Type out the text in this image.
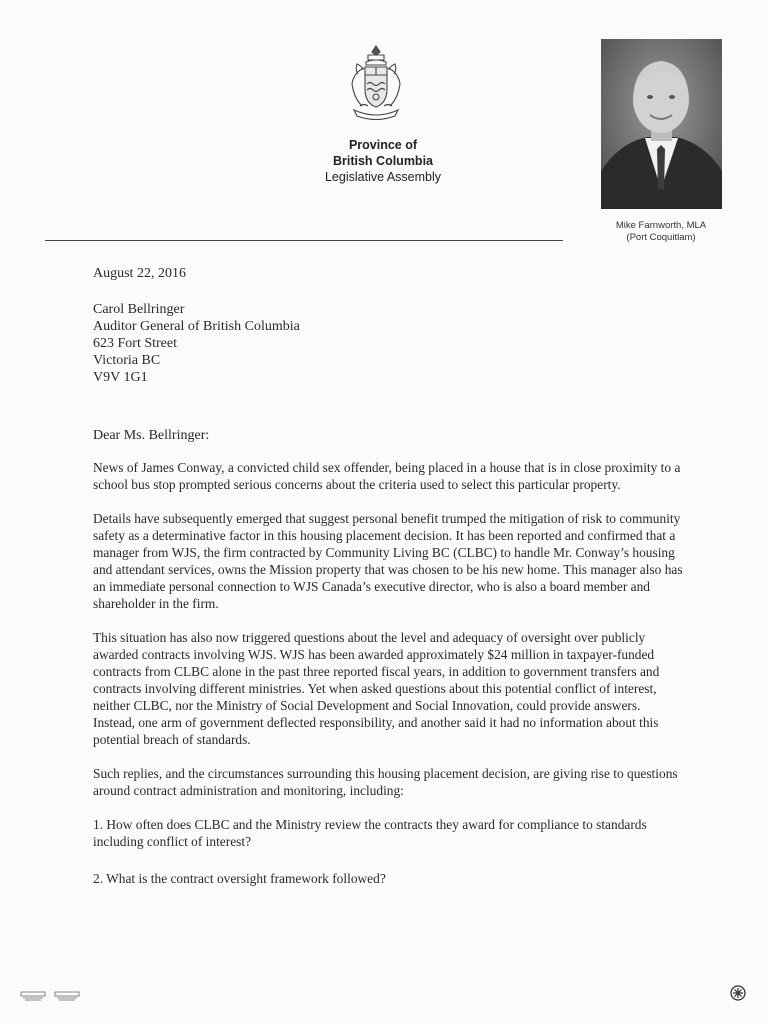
Province of
British Columbia
Legislative Assembly
Mike Farnworth, MLA
(Port Coquitlam)
August 22, 2016
Carol Bellringer
Auditor General of British Columbia
623 Fort Street
Victoria BC
V9V 1G1
Dear Ms. Bellringer:

News of James Conway, a convicted child sex offender, being placed in a house that is in close proximity to a school bus stop prompted serious concerns about the criteria used to select this particular property.

Details have subsequently emerged that suggest personal benefit trumped the mitigation of risk to community safety as a determinative factor in this housing placement decision. It has been reported and confirmed that a manager from WJS, the firm contracted by Community Living BC (CLBC) to handle Mr. Conway’s housing and attendant services, owns the Mission property that was chosen to be his new home. This manager also has an immediate personal connection to WJS Canada’s executive director, who is also a board member and shareholder in the firm.

This situation has also now triggered questions about the level and adequacy of oversight over publicly awarded contracts involving WJS. WJS has been awarded approximately $24 million in taxpayer-funded contracts from CLBC alone in the past three reported fiscal years, in addition to government transfers and contracts involving different ministries. Yet when asked questions about this potential conflict of interest, neither CLBC, nor the Ministry of Social Development and Social Innovation, could provide answers. Instead, one arm of government deflected responsibility, and another said it had no information about this potential breach of standards.

Such replies, and the circumstances surrounding this housing placement decision, are giving rise to questions around contract administration and monitoring, including:

1. How often does CLBC and the Ministry review the contracts they award for compliance to standards including conflict of interest?

2. What is the contract oversight framework followed?
